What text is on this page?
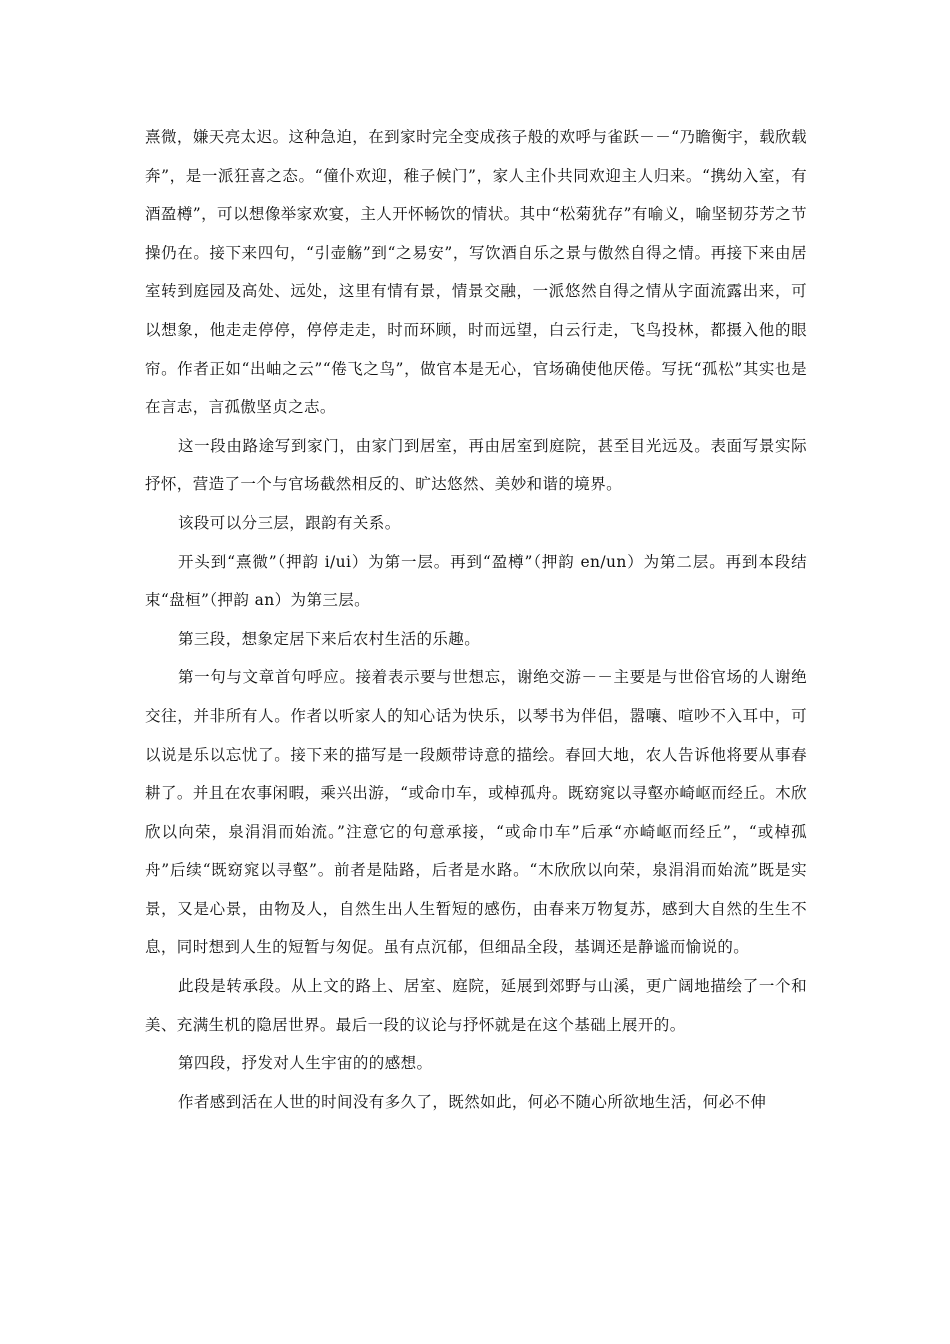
熹微，嫌天亮太迟。这种急迫，在到家时完全变成孩子般的欢呼与雀跃－－“乃瞻衡宇，载欣载奔”，是一派狂喜之态。“僮仆欢迎，稚子候门”，家人主仆共同欢迎主人归来。“携幼入室，有酒盈樽”，可以想像举家欢宴，主人开怀畅饮的情状。其中“松菊犹存”有喻义，喻坚韧芬芳之节操仍在。接下来四句，“引壶觞”到“之易安”，写饮酒自乐之景与傲然自得之情。再接下来由居室转到庭园及高处、远处，这里有情有景，情景交融，一派悠然自得之情从字面流露出来，可以想象，他走走停停，停停走走，时而环顾，时而远望，白云行走，飞鸟投林，都摄入他的眼帘。作者正如“出岫之云”“倦飞之鸟”，做官本是无心，官场确使他厌倦。写抚“孤松”其实也是在言志，言孤傲坚贞之志。

这一段由路途写到家门，由家门到居室，再由居室到庭院，甚至目光远及。表面写景实际抒怀，营造了一个与官场截然相反的、旷达悠然、美妙和谐的境界。

该段可以分三层，跟韵有关系。

开头到“熹微”（押韵 i/ui）为第一层。再到“盈樽”（押韵 en/un）为第二层。再到本段结束“盘桓”（押韵 an）为第三层。

第三段，想象定居下来后农村生活的乐趣。

第一句与文章首句呼应。接着表示要与世想忘，谢绝交游－－主要是与世俗官场的人谢绝交往，并非所有人。作者以听家人的知心话为快乐，以琴书为伴侣，嚣嚷、喧吵不入耳中，可以说是乐以忘忧了。接下来的描写是一段颇带诗意的描绘。春回大地，农人告诉他将要从事春耕了。并且在农事闲暇，乘兴出游，“或命巾车，或棹孤舟。既窈窕以寻壑亦崎岖而经丘。木欣欣以向荣，泉涓涓而始流。”注意它的句意承接，“或命巾车”后承“亦崎岖而经丘”，“或棹孤舟”后续“既窈窕以寻壑”。前者是陆路，后者是水路。“木欣欣以向荣，泉涓涓而始流”既是实景，又是心景，由物及人，自然生出人生暂短的感伤，由春来万物复苏，感到大自然的生生不息，同时想到人生的短暂与匆促。虽有点沉郁，但细品全段，基调还是静谧而愉说的。

此段是转承段。从上文的路上、居室、庭院，延展到郊野与山溪，更广阔地描绘了一个和美、充满生机的隐居世界。最后一段的议论与抒怀就是在这个基础上展开的。

第四段，抒发对人生宇宙的的感想。

作者感到活在人世的时间没有多久了，既然如此，何必不随心所欲地生活，何必不伸
